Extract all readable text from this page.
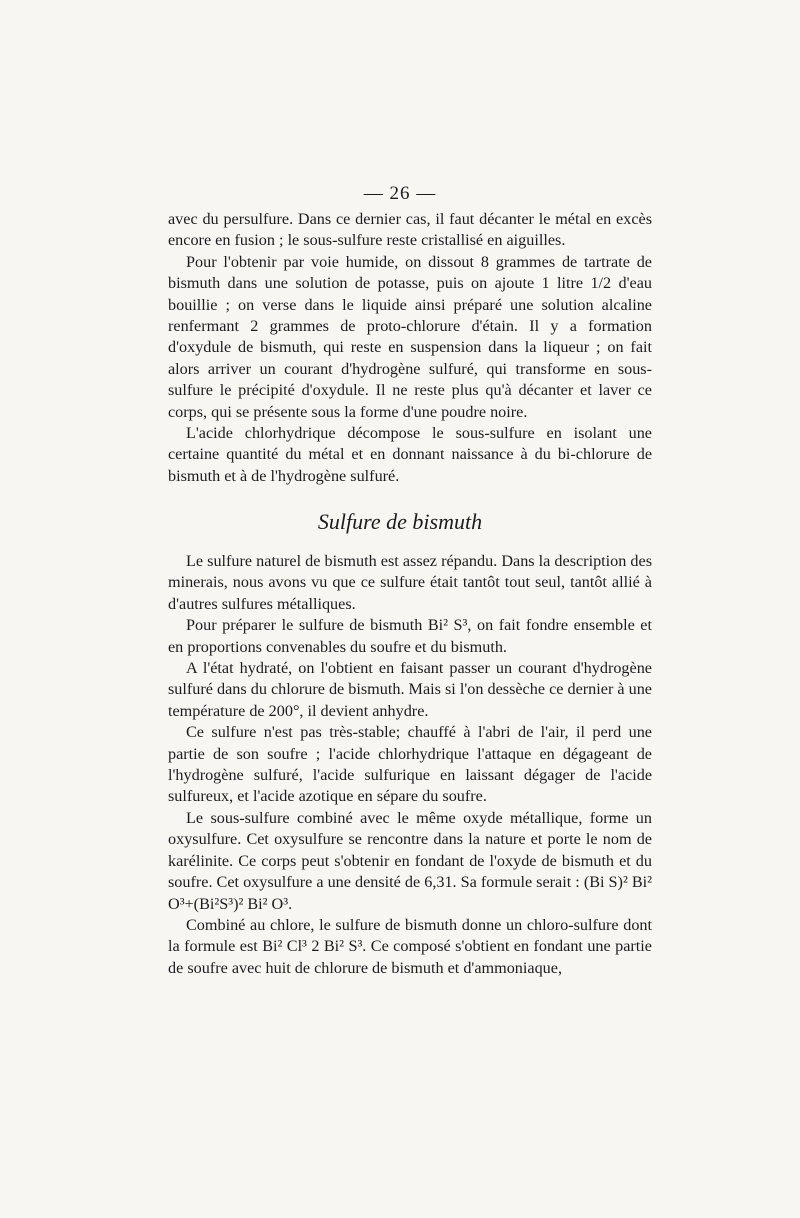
— 26 —

avec du persulfure. Dans ce dernier cas, il faut décanter le métal en excès encore en fusion ; le sous-sulfure reste cristallisé en aiguilles.

Pour l'obtenir par voie humide, on dissout 8 grammes de tartrate de bismuth dans une solution de potasse, puis on ajoute 1 litre 1/2 d'eau bouillie ; on verse dans le liquide ainsi préparé une solution alcaline renfermant 2 grammes de proto-chlorure d'étain. Il y a formation d'oxydule de bismuth, qui reste en suspension dans la liqueur ; on fait alors arriver un courant d'hydrogène sulfuré, qui transforme en sous-sulfure le précipité d'oxydule. Il ne reste plus qu'à décanter et laver ce corps, qui se présente sous la forme d'une poudre noire.

L'acide chlorhydrique décompose le sous-sulfure en isolant une certaine quantité du métal et en donnant naissance à du bi-chlorure de bismuth et à de l'hydrogène sulfuré.

Sulfure de bismuth

Le sulfure naturel de bismuth est assez répandu. Dans la description des minerais, nous avons vu que ce sulfure était tantôt tout seul, tantôt allié à d'autres sulfures métalliques.

Pour préparer le sulfure de bismuth Bi² S³, on fait fondre ensemble et en proportions convenables du soufre et du bismuth.

A l'état hydraté, on l'obtient en faisant passer un courant d'hydrogène sulfuré dans du chlorure de bismuth. Mais si l'on dessèche ce dernier à une température de 200°, il devient anhydre.

Ce sulfure n'est pas très-stable; chauffé à l'abri de l'air, il perd une partie de son soufre ; l'acide chlorhydrique l'attaque en dégageant de l'hydrogène sulfuré, l'acide sulfurique en laissant dégager de l'acide sulfureux, et l'acide azotique en sépare du soufre.

Le sous-sulfure combiné avec le même oxyde métallique, forme un oxysulfure. Cet oxysulfure se rencontre dans la nature et porte le nom de karélinite. Ce corps peut s'obtenir en fondant de l'oxyde de bismuth et du soufre. Cet oxysulfure a une densité de 6,31. Sa formule serait : (Bi S)² Bi² O³+(Bi²S³)² Bi² O³.

Combiné au chlore, le sulfure de bismuth donne un chloro-sulfure dont la formule est Bi² Cl³ 2 Bi² S³. Ce composé s'obtient en fondant une partie de soufre avec huit de chlorure de bismuth et d'ammoniaque,
